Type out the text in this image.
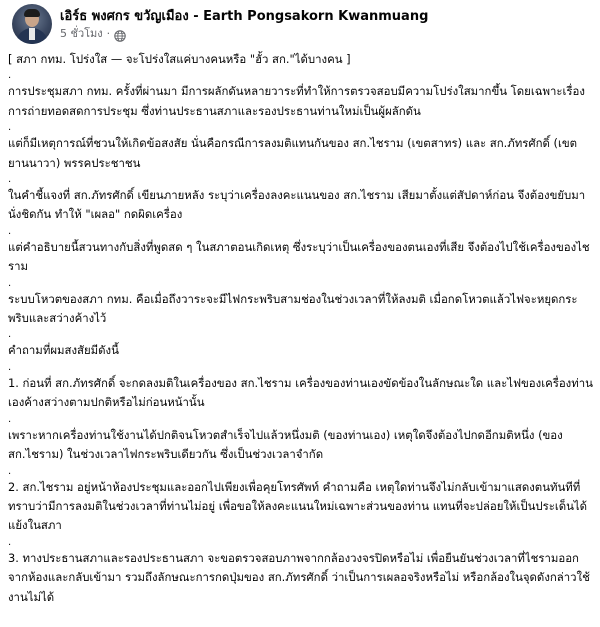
เอิร์ธ พงศกร ขวัญเมือง - Earth Pongsakorn Kwanmuang
5 ชั่วโมง ·

[ สภา กทม. โปร่งใส — จะโปร่งใสแค่บางคนหรือ "ฮั้ว สก."ได้บางคน ]

.

การประชุมสภา กทม. ครั้งที่ผ่านมา มีการผลักดันหลายวาระที่ทำให้การตรวจสอบมีความโปร่งใสมากขึ้น โดยเฉพาะเรื่องการถ่ายทอดสดการประชุม ซึ่งท่านประธานสภาและรองประธานท่านใหม่เป็นผู้ผลักดัน

.

แต่ก็มีเหตุการณ์ที่ชวนให้เกิดข้อสงสัย นั่นคือกรณีการลงมติแทนกันของ สก.ไชราม (เขตสาทร) และ สก.ภัทรศักดิ์ (เขตยานนาวา) พรรคประชาชน

.

ในคำชี้แจงที่ สก.ภัทรศักดิ์ เขียนภายหลัง ระบุว่าเครื่องลงคะแนนของ สก.ไชราม เสียมาตั้งแต่สัปดาห์ก่อน จึงต้องขยับมานั่งชิดกัน ทำให้ "เผลอ" กดผิดเครื่อง

.

แต่คำอธิบายนี้สวนทางกับสิ่งที่พูดสด ๆ ในสภาตอนเกิดเหตุ ซึ่งระบุว่าเป็นเครื่องของตนเองที่เสีย จึงต้องไปใช้เครื่องของไชราม

.

ระบบโหวตของสภา กทม. คือเมื่อถึงวาระจะมีไฟกระพริบสามช่องในช่วงเวลาที่ให้ลงมติ เมื่อกดโหวตแล้วไฟจะหยุดกระพริบและสว่างค้างไว้

.

คำถามที่ผมสงสัยมีดังนี้

.

1. ก่อนที่ สก.ภัทรศักดิ์ จะกดลงมติในเครื่องของ สก.ไชราม เครื่องของท่านเองขัดข้องในลักษณะใด และไฟของเครื่องท่านเองค้างสว่างตามปกติหรือไม่ก่อนหน้านั้น

.

เพราะหากเครื่องท่านใช้งานได้ปกติจนโหวตสำเร็จไปแล้วหนึ่งมติ (ของท่านเอง) เหตุใดจึงต้องไปกดอีกมติหนึ่ง (ของ สก.ไชราม) ในช่วงเวลาไฟกระพริบเดียวกัน ซึ่งเป็นช่วงเวลาจำกัด

.

2. สก.ไชราม อยู่หน้าห้องประชุมและออกไปเพียงเพื่อคุยโทรศัพท์ คำถามคือ เหตุใดท่านจึงไม่กลับเข้ามาแสดงตนทันทีที่ทราบว่ามีการลงมติในช่วงเวลาที่ท่านไม่อยู่ เพื่อขอให้ลงคะแนนใหม่เฉพาะส่วนของท่าน แทนที่จะปล่อยให้เป็นประเด็นได้แย้งในสภา

.

3. ทางประธานสภาและรองประธานสภา จะขอตรวจสอบภาพจากกล้องวงจรปิดหรือไม่ เพื่อยืนยันช่วงเวลาที่ไชรามออกจากห้องและกลับเข้ามา รวมถึงลักษณะการกดปุ่มของ สก.ภัทรศักดิ์ ว่าเป็นการเผลอจริงหรือไม่ หรือกล้องในจุดดังกล่าวใช้งานไม่ได้
